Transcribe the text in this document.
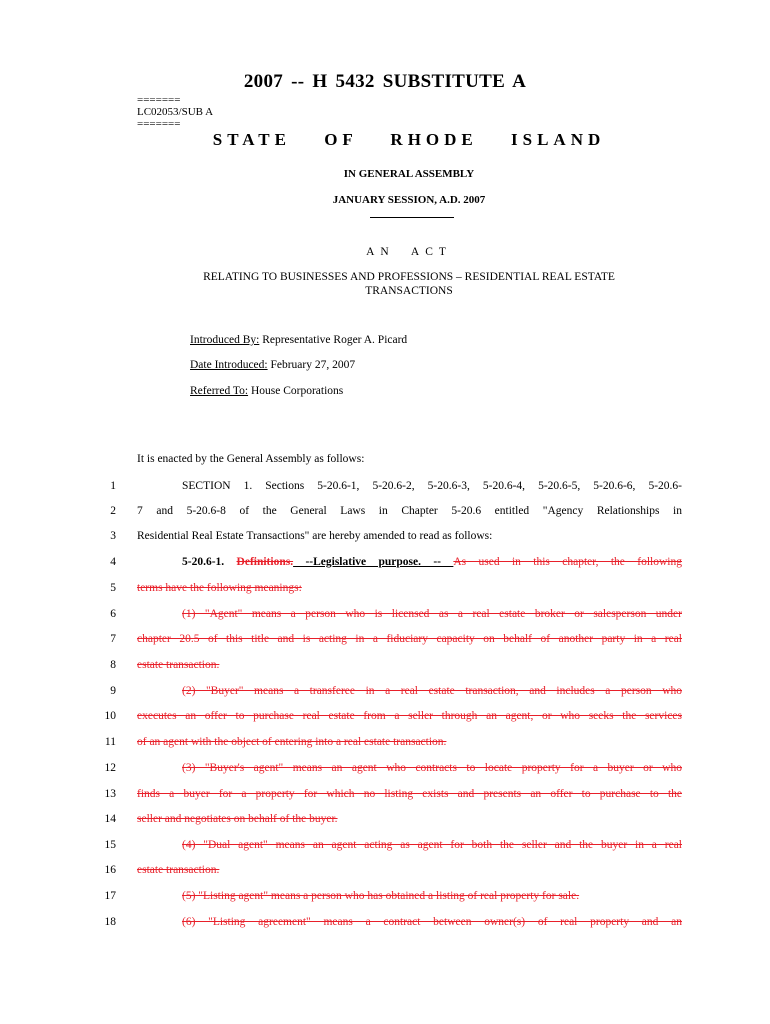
2007 -- H 5432 SUBSTITUTE A
=======
LC02053/SUB A
=======
STATE OF RHODE ISLAND
IN GENERAL ASSEMBLY
JANUARY SESSION, A.D. 2007
AN ACT
RELATING TO BUSINESSES AND PROFESSIONS – RESIDENTIAL REAL ESTATE
TRANSACTIONS
Introduced By: Representative Roger A. Picard
Date Introduced: February 27, 2007
Referred To: House Corporations
It is enacted by the General Assembly as follows:
1	SECTION 1. Sections 5-20.6-1, 5-20.6-2, 5-20.6-3, 5-20.6-4, 5-20.6-5, 5-20.6-6, 5-20.6-
2 7 and 5-20.6-8 of the General Laws in Chapter 5-20.6 entitled "Agency Relationships in
3 Residential Real Estate Transactions" are hereby amended to read as follows:
4	5-20.6-1. Definitions. --Legislative purpose. -- As used in this chapter, the following
5 terms have the following meanings:
6	(1) "Agent" means a person who is licensed as a real estate broker or salesperson under
7 chapter 20.5 of this title and is acting in a fiduciary capacity on behalf of another party in a real
8 estate transaction.
9	(2) "Buyer" means a transferee in a real estate transaction, and includes a person who
10 executes an offer to purchase real estate from a seller through an agent, or who seeks the services
11 of an agent with the object of entering into a real estate transaction.
12	(3) "Buyer's agent" means an agent who contracts to locate property for a buyer or who
13 finds a buyer for a property for which no listing exists and presents an offer to purchase to the
14 seller and negotiates on behalf of the buyer.
15	(4) "Dual agent" means an agent acting as agent for both the seller and the buyer in a real
16 estate transaction.
17	(5) "Listing agent" means a person who has obtained a listing of real property for sale.
18	(6) "Listing agreement" means a contract between owner(s) of real property and an
